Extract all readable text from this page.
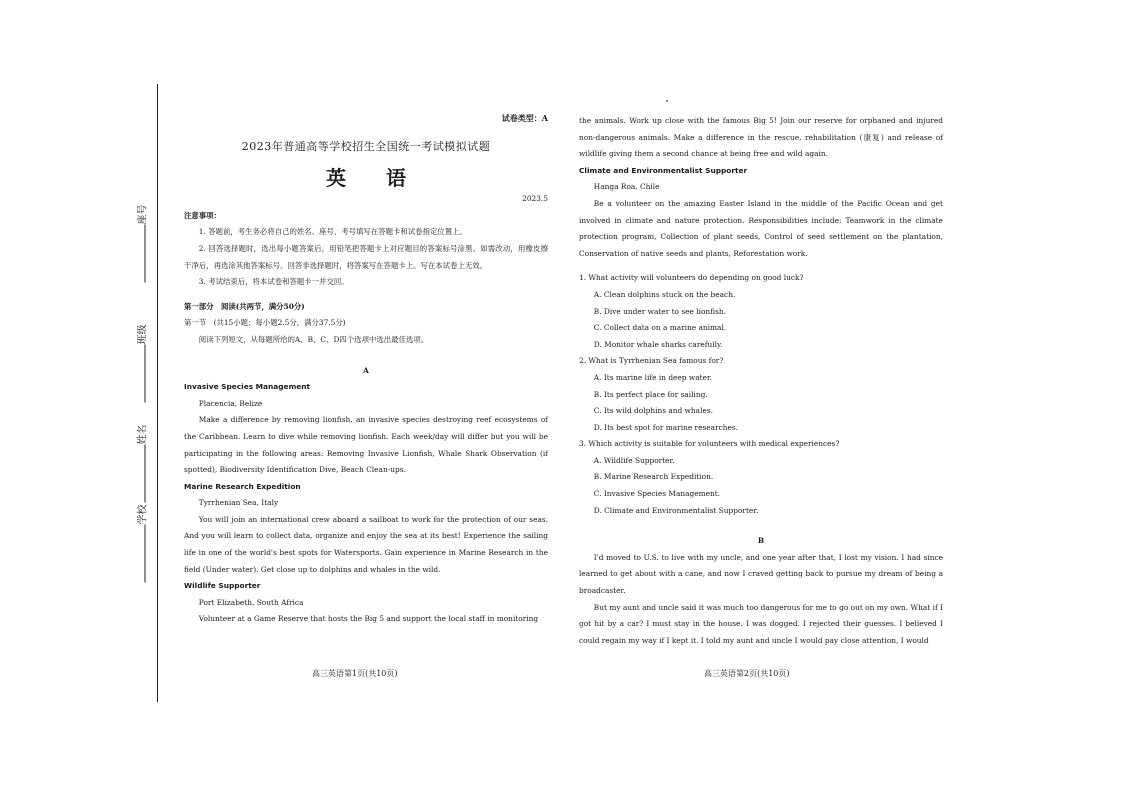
座号
班级
姓名
学校

试卷类型：A

2023年普通高等学校招生全国统一考试模拟试题

英语

2023.5

注意事项：

1. 答题前，考生务必将自己的姓名、座号、考号填写在答题卡和试卷指定位置上。

2. 回答选择题时，选出每小题答案后，用铅笔把答题卡上对应题目的答案标号涂黑。如需改动，用橡皮擦干净后，再选涂其他答案标号。回答非选择题时，将答案写在答题卡上。写在本试卷上无效。

3. 考试结束后，将本试卷和答题卡一并交回。

第一部分　阅读(共两节，满分50分)

第一节　(共15小题；每小题2.5分，满分37.5分)

阅读下列短文，从每题所给的A、B、C、D四个选项中选出最佳选项。

A

Invasive Species Management

Placencia, Belize

Make a difference by removing lionfish, an invasive species destroying reef ecosystems of the Caribbean. Learn to dive while removing lionfish. Each week/day will differ but you will be participating in the following areas: Removing Invasive Lionfish, Whale Shark Observation (if spotted), Biodiversity Identification Dive, Beach Clean-ups.

Marine Research Expedition

Tyrrhenian Sea, Italy

You will join an international crew aboard a sailboat to work for the protection of our seas. And you will learn to collect data, organize and enjoy the sea at its best! Experience the sailing life in one of the world's best spots for Watersports. Gain experience in Marine Research in the field (Under water). Get close up to dolphins and whales in the wild.

Wildlife Supporter

Port Elizabeth, South Africa

Volunteer at a Game Reserve that hosts the Big 5 and support the local staff in monitoring

the animals. Work up close with the famous Big 5! Join our reserve for orphaned and injured non-dangerous animals. Make a difference in the rescue, rehabilitation (康复) and release of wildlife giving them a second chance at being free and wild again.

Climate and Environmentalist Supporter

Hanga Roa, Chile

Be a volunteer on the amazing Easter Island in the middle of the Pacific Ocean and get involved in climate and nature protection. Responsibilities include: Teamwork in the climate protection program, Collection of plant seeds, Control of seed settlement on the plantation, Conservation of native seeds and plants, Reforestation work.

1. What activity will volunteers do depending on good luck?

A. Clean dolphins stuck on the beach.

B. Dive under water to see lionfish.

C. Collect data on a marine animal.

D. Monitor whale sharks carefully.

2. What is Tyrrhenian Sea famous for?

A. Its marine life in deep water.

B. Its perfect place for sailing.

C. Its wild dolphins and whales.

D. Its best spot for marine researches.

3. Which activity is suitable for volunteers with medical experiences?

A. Wildlife Supporter.

B. Marine Research Expedition.

C. Invasive Species Management.

D. Climate and Environmentalist Supporter.

B

I'd moved to U.S. to live with my uncle, and one year after that, I lost my vision. I had since learned to get about with a cane, and now I craved getting back to pursue my dream of being a broadcaster.

But my aunt and uncle said it was much too dangerous for me to go out on my own. What if I got hit by a car? I must stay in the house. I was dogged. I rejected their guesses. I believed I could regain my way if I kept it. I told my aunt and uncle I would pay close attention, I would

高三英语第1页(共10页)	高三英语第2页(共10页)
